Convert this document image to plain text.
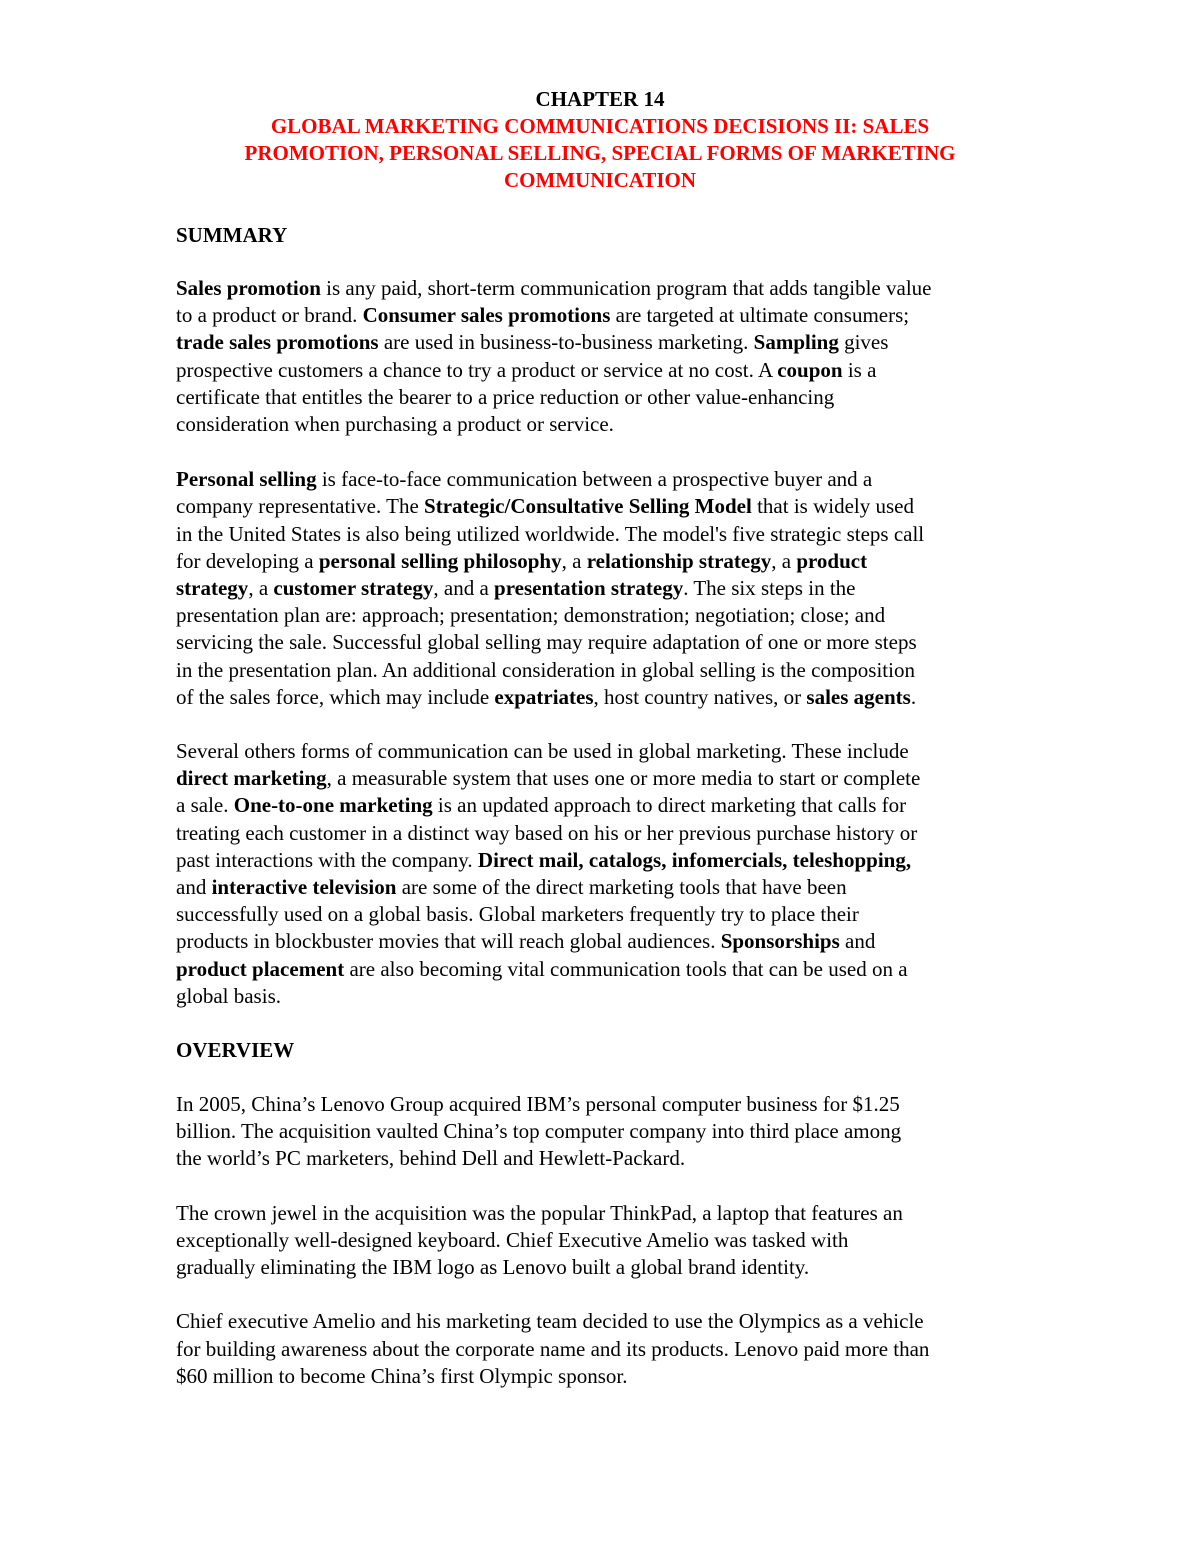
CHAPTER 14
GLOBAL MARKETING COMMUNICATIONS DECISIONS II: SALES
PROMOTION, PERSONAL SELLING, SPECIAL FORMS OF MARKETING
COMMUNICATION
SUMMARY

Sales promotion is any paid, short-term communication program that adds tangible value
to a product or brand. Consumer sales promotions are targeted at ultimate consumers;
trade sales promotions are used in business-to-business marketing. Sampling gives
prospective customers a chance to try a product or service at no cost. A coupon is a
certificate that entitles the bearer to a price reduction or other value-enhancing
consideration when purchasing a product or service.

Personal selling is face-to-face communication between a prospective buyer and a
company representative. The Strategic/Consultative Selling Model that is widely used
in the United States is also being utilized worldwide. The model's five strategic steps call
for developing a personal selling philosophy, a relationship strategy, a product
strategy, a customer strategy, and a presentation strategy. The six steps in the
presentation plan are: approach; presentation; demonstration; negotiation; close; and
servicing the sale. Successful global selling may require adaptation of one or more steps
in the presentation plan. An additional consideration in global selling is the composition
of the sales force, which may include expatriates, host country natives, or sales agents.

Several others forms of communication can be used in global marketing. These include
direct marketing, a measurable system that uses one or more media to start or complete
a sale. One-to-one marketing is an updated approach to direct marketing that calls for
treating each customer in a distinct way based on his or her previous purchase history or
past interactions with the company. Direct mail, catalogs, infomercials, teleshopping,
and interactive television are some of the direct marketing tools that have been
successfully used on a global basis. Global marketers frequently try to place their
products in blockbuster movies that will reach global audiences. Sponsorships and
product placement are also becoming vital communication tools that can be used on a
global basis.

OVERVIEW

In 2005, China’s Lenovo Group acquired IBM’s personal computer business for $1.25
billion. The acquisition vaulted China’s top computer company into third place among
the world’s PC marketers, behind Dell and Hewlett-Packard.

The crown jewel in the acquisition was the popular ThinkPad, a laptop that features an
exceptionally well-designed keyboard. Chief Executive Amelio was tasked with
gradually eliminating the IBM logo as Lenovo built a global brand identity.

Chief executive Amelio and his marketing team decided to use the Olympics as a vehicle
for building awareness about the corporate name and its products. Lenovo paid more than
$60 million to become China’s first Olympic sponsor.
